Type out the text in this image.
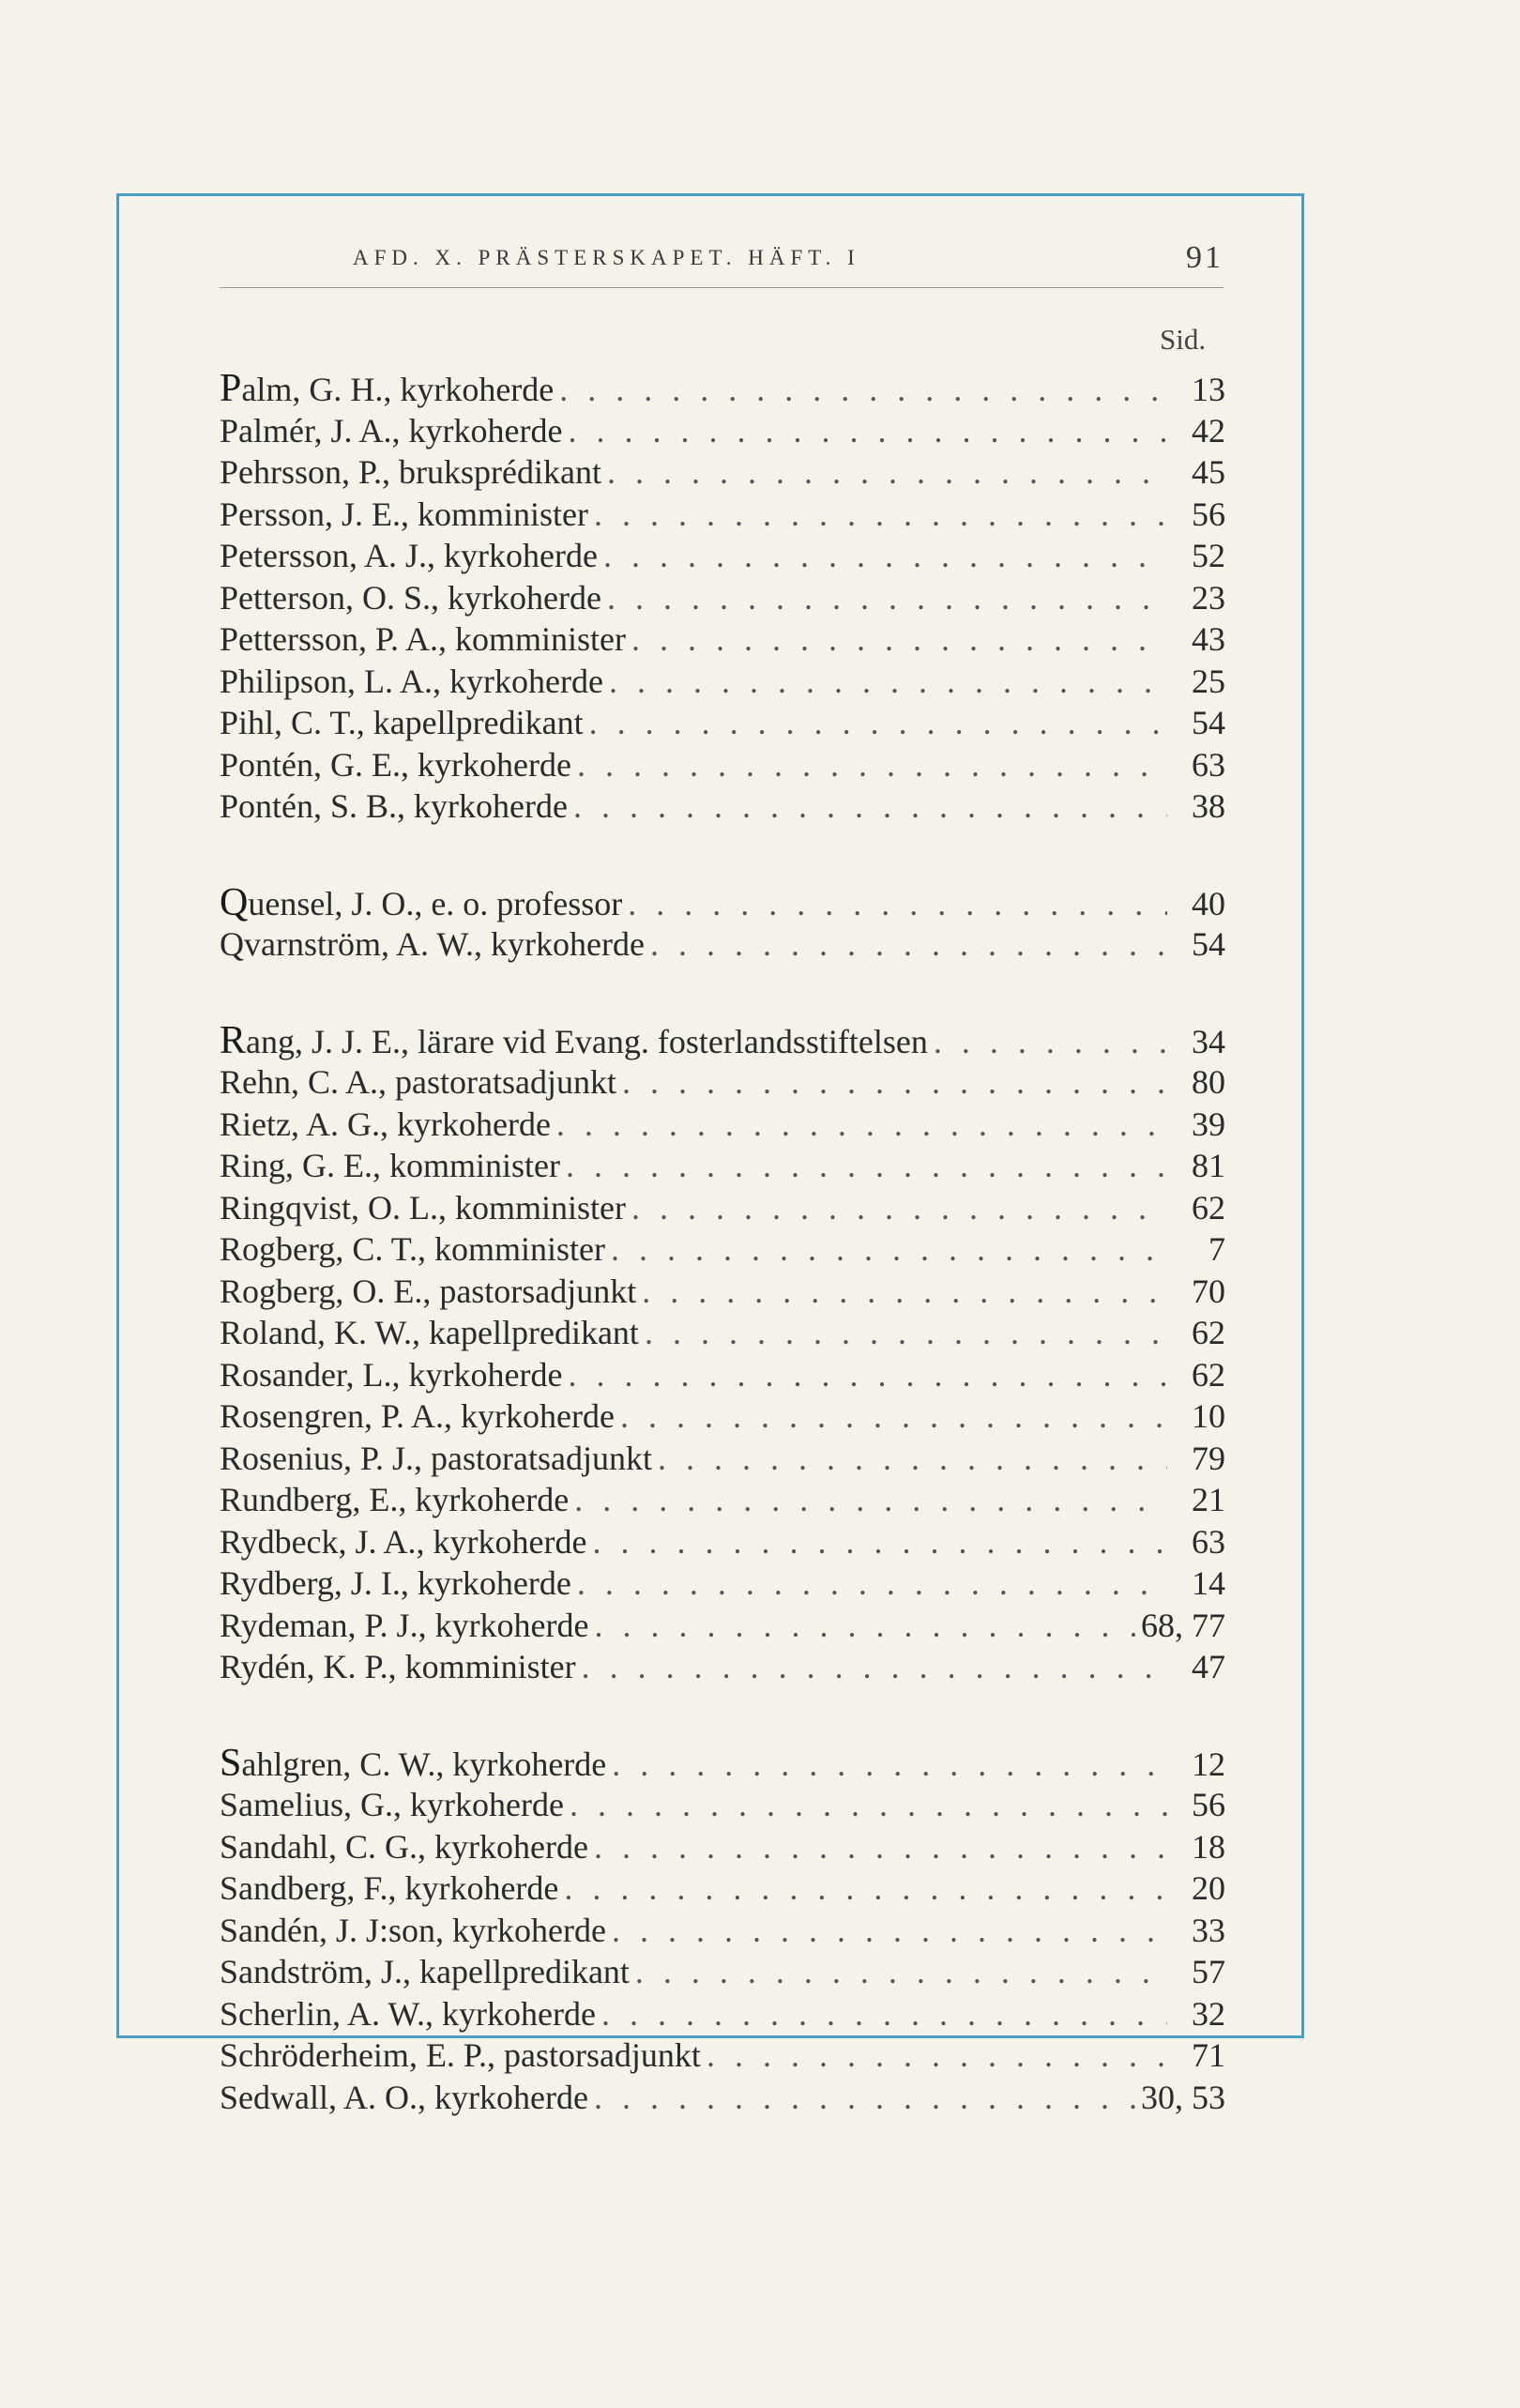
AFD. X. PRÄSTERSKAPET. HÄFT. I	91
Sid.
Palm, G. H., kyrkoherde . . .	13
Palmér, J. A., kyrkoherde . . .	42
Pehrsson, P., bruksprédikant . . .	45
Persson, J. E., komminister . . .	56
Petersson, A. J., kyrkoherde . . .	52
Petterson, O. S., kyrkoherde . . .	23
Pettersson, P. A., komminister . . .	43
Philipson, L. A., kyrkoherde . . .	25
Pihl, C. T., kapellpredikant . . .	54
Pontén, G. E., kyrkoherde . . .	63
Pontén, S. B., kyrkoherde . . .	38
Quensel, J. O., e. o. professor . . .	40
Qvarnström, A. W., kyrkoherde . . .	54
Rang, J. J. E., lärare vid Evang. fosterlandsstiftelsen . . .	34
Rehn, C. A., pastoratsadjunkt . . .	80
Rietz, A. G., kyrkoherde . . .	39
Ring, G. E., komminister . . .	81
Ringqvist, O. L., komminister . . .	62
Rogberg, C. T., komminister . . .	7
Rogberg, O. E., pastorsadjunkt . . .	70
Roland, K. W., kapellpredikant . . .	62
Rosander, L., kyrkoherde . . .	62
Rosengren, P. A., kyrkoherde . . .	10
Rosenius, P. J., pastoratsadjunkt . . .	79
Rundberg, E., kyrkoherde . . .	21
Rydbeck, J. A., kyrkoherde . . .	63
Rydberg, J. I., kyrkoherde . . .	14
Rydeman, P. J., kyrkoherde . . .	68, 77
Rydén, K. P., komminister . . .	47
Sahlgren, C. W., kyrkoherde . . .	12
Samelius, G., kyrkoherde . . .	56
Sandahl, C. G., kyrkoherde . . .	18
Sandberg, F., kyrkoherde . . .	20
Sandén, J. J:son, kyrkoherde . . .	33
Sandström, J., kapellpredikant . . .	57
Scherlin, A. W., kyrkoherde . . .	32
Schröderheim, E. P., pastorsadjunkt . . .	71
Sedwall, A. O., kyrkoherde . . .	30, 53
